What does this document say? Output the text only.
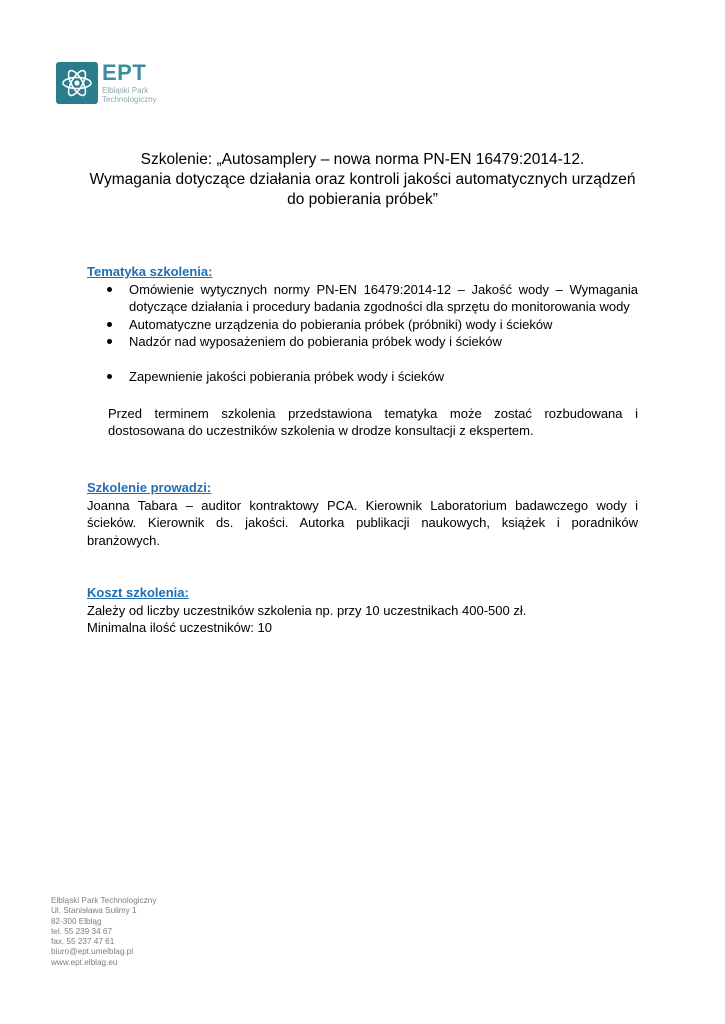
EPT
Elbląski Park Technologiczny
Szkolenie: „Autosamplery – nowa norma PN-EN 16479:2014-12.
Wymagania dotyczące działania oraz kontroli jakości automatycznych urządzeń
do pobierania próbek”

Tematyka szkolenia:

Omówienie wytycznych normy PN-EN 16479:2014-12 – Jakość wody – Wymagania dotyczące działania i procedury badania zgodności dla sprzętu do monitorowania wody
Automatyczne urządzenia do pobierania próbek (próbniki) wody i ścieków
Nadzór nad wyposażeniem do pobierania próbek wody i ścieków
Zapewnienie jakości pobierania próbek wody i ścieków

Przed terminem szkolenia przedstawiona tematyka może zostać rozbudowana i dostosowana do uczestników szkolenia w drodze konsultacji z ekspertem.

Szkolenie prowadzi:

Joanna Tabara – auditor kontraktowy PCA. Kierownik Laboratorium badawczego wody i ścieków. Kierownik ds. jakości. Autorka publikacji naukowych, książek i poradników branżowych.

Koszt szkolenia:

Zależy od liczby uczestników szkolenia np. przy 10 uczestnikach 400-500 zł.

Minimalna ilość uczestników: 10

Elbląski Park Technologiczny
Ul. Stanisława Sulimy 1
82-300 Elbląg
tel. 55 239 34 67
fax. 55 237 47 61
biuro@ept.umelblag.pl
www.ept.elblag.eu
